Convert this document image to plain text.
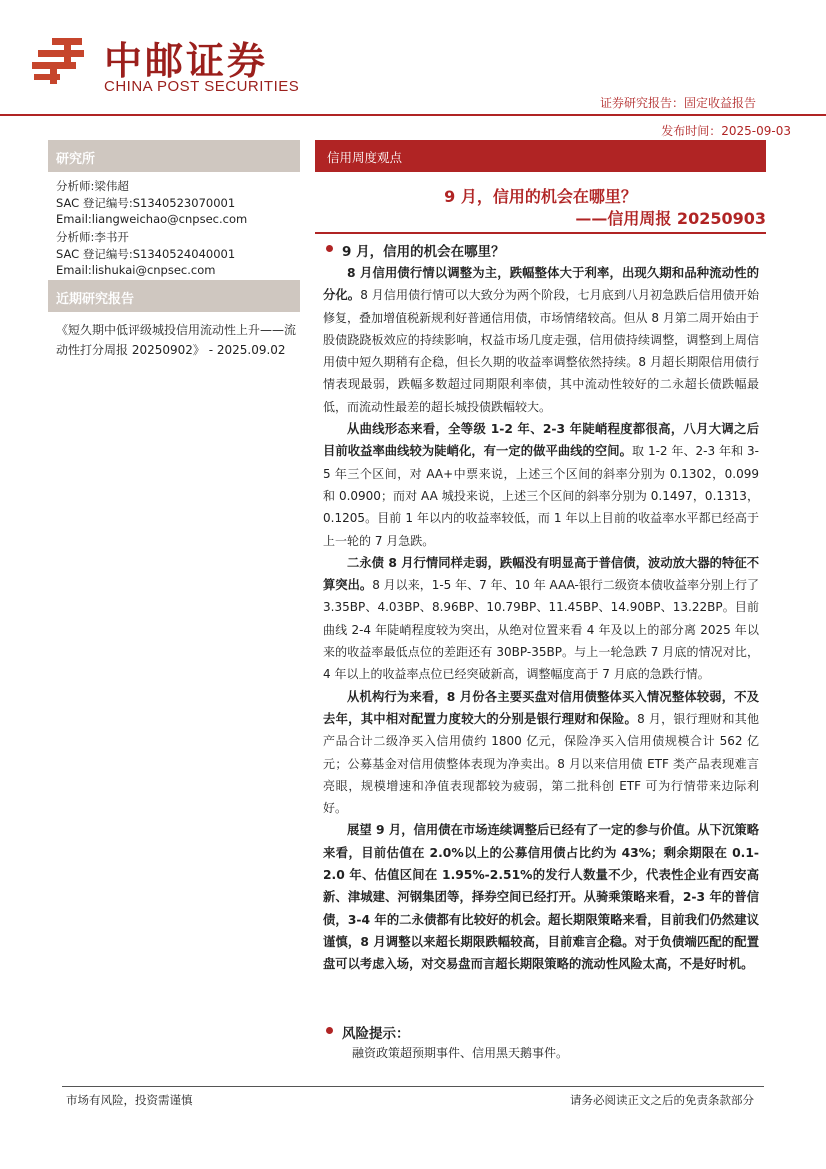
中邮证券
CHINA POST SECURITIES
证券研究报告：固定收益报告
发布时间：2025-09-03
研究所
分析师:梁伟超
SAC 登记编号:S1340523070001
Email:liangweichao@cnpsec.com
分析师:李书开
SAC 登记编号:S1340524040001
Email:lishukai@cnpsec.com
近期研究报告
《短久期中低评级城投信用流动性上升——流动性打分周报 20250902》 - 2025.09.02
信用周度观点
9 月，信用的机会在哪里？
——信用周报 20250903
9 月，信用的机会在哪里？

8 月信用债行情以调整为主，跌幅整体大于利率，出现久期和品种流动性的分化。8 月信用债行情可以大致分为两个阶段，七月底到八月初急跌后信用债开始修复，叠加增值税新规利好普通信用债，市场情绪较高。但从 8 月第二周开始由于股债跷跷板效应的持续影响，权益市场几度走强，信用债持续调整，调整到上周信用债中短久期稍有企稳，但长久期的收益率调整依然持续。8 月超长期限信用债行情表现最弱，跌幅多数超过同期限利率债，其中流动性较好的二永超长债跌幅最低，而流动性最差的超长城投债跌幅较大。

从曲线形态来看，全等级 1-2 年、2-3 年陡峭程度都很高，八月大调之后目前收益率曲线较为陡峭化，有一定的做平曲线的空间。取 1-2 年、2-3 年和 3-5 年三个区间，对 AA+中票来说，上述三个区间的斜率分别为 0.1302，0.099 和 0.0900；而对 AA 城投来说，上述三个区间的斜率分别为 0.1497，0.1313，0.1205。目前 1 年以内的收益率较低，而 1 年以上目前的收益率水平都已经高于上一轮的 7 月急跌。

二永债 8 月行情同样走弱，跌幅没有明显高于普信债，波动放大器的特征不算突出。8 月以来，1-5 年、7 年、10 年 AAA-银行二级资本债收益率分别上行了 3.35BP、4.03BP、8.96BP、10.79BP、11.45BP、14.90BP、13.22BP。目前曲线 2-4 年陡峭程度较为突出，从绝对位置来看 4 年及以上的部分离 2025 年以来的收益率最低点位的差距还有 30BP-35BP。与上一轮急跌 7 月底的情况对比，4 年以上的收益率点位已经突破新高，调整幅度高于 7 月底的急跌行情。

从机构行为来看，8 月份各主要买盘对信用债整体买入情况整体较弱，不及去年，其中相对配置力度较大的分别是银行理财和保险。8 月，银行理财和其他产品合计二级净买入信用债约 1800 亿元，保险净买入信用债规模合计 562 亿元；公募基金对信用债整体表现为净卖出。8 月以来信用债 ETF 类产品表现难言亮眼，规模增速和净值表现都较为疲弱，第二批科创 ETF 可为行情带来边际利好。

展望 9 月，信用债在市场连续调整后已经有了一定的参与价值。从下沉策略来看，目前估值在 2.0%以上的公募信用债占比约为 43%；剩余期限在 0.1-2.0 年、估值区间在 1.95%-2.51%的发行人数量不少，代表性企业有西安高新、津城建、河钢集团等，择券空间已经打开。从骑乘策略来看，2-3 年的普信债，3-4 年的二永债都有比较好的机会。超长期限策略来看，目前我们仍然建议谨慎，8 月调整以来超长期限跌幅较高，目前难言企稳。对于负债端匹配的配置盘可以考虑入场，对交易盘而言超长期限策略的流动性风险太高，不是好时机。

风险提示：
融资政策超预期事件、信用黑天鹅事件。
市场有风险，投资需谨慎	请务必阅读正文之后的免责条款部分
